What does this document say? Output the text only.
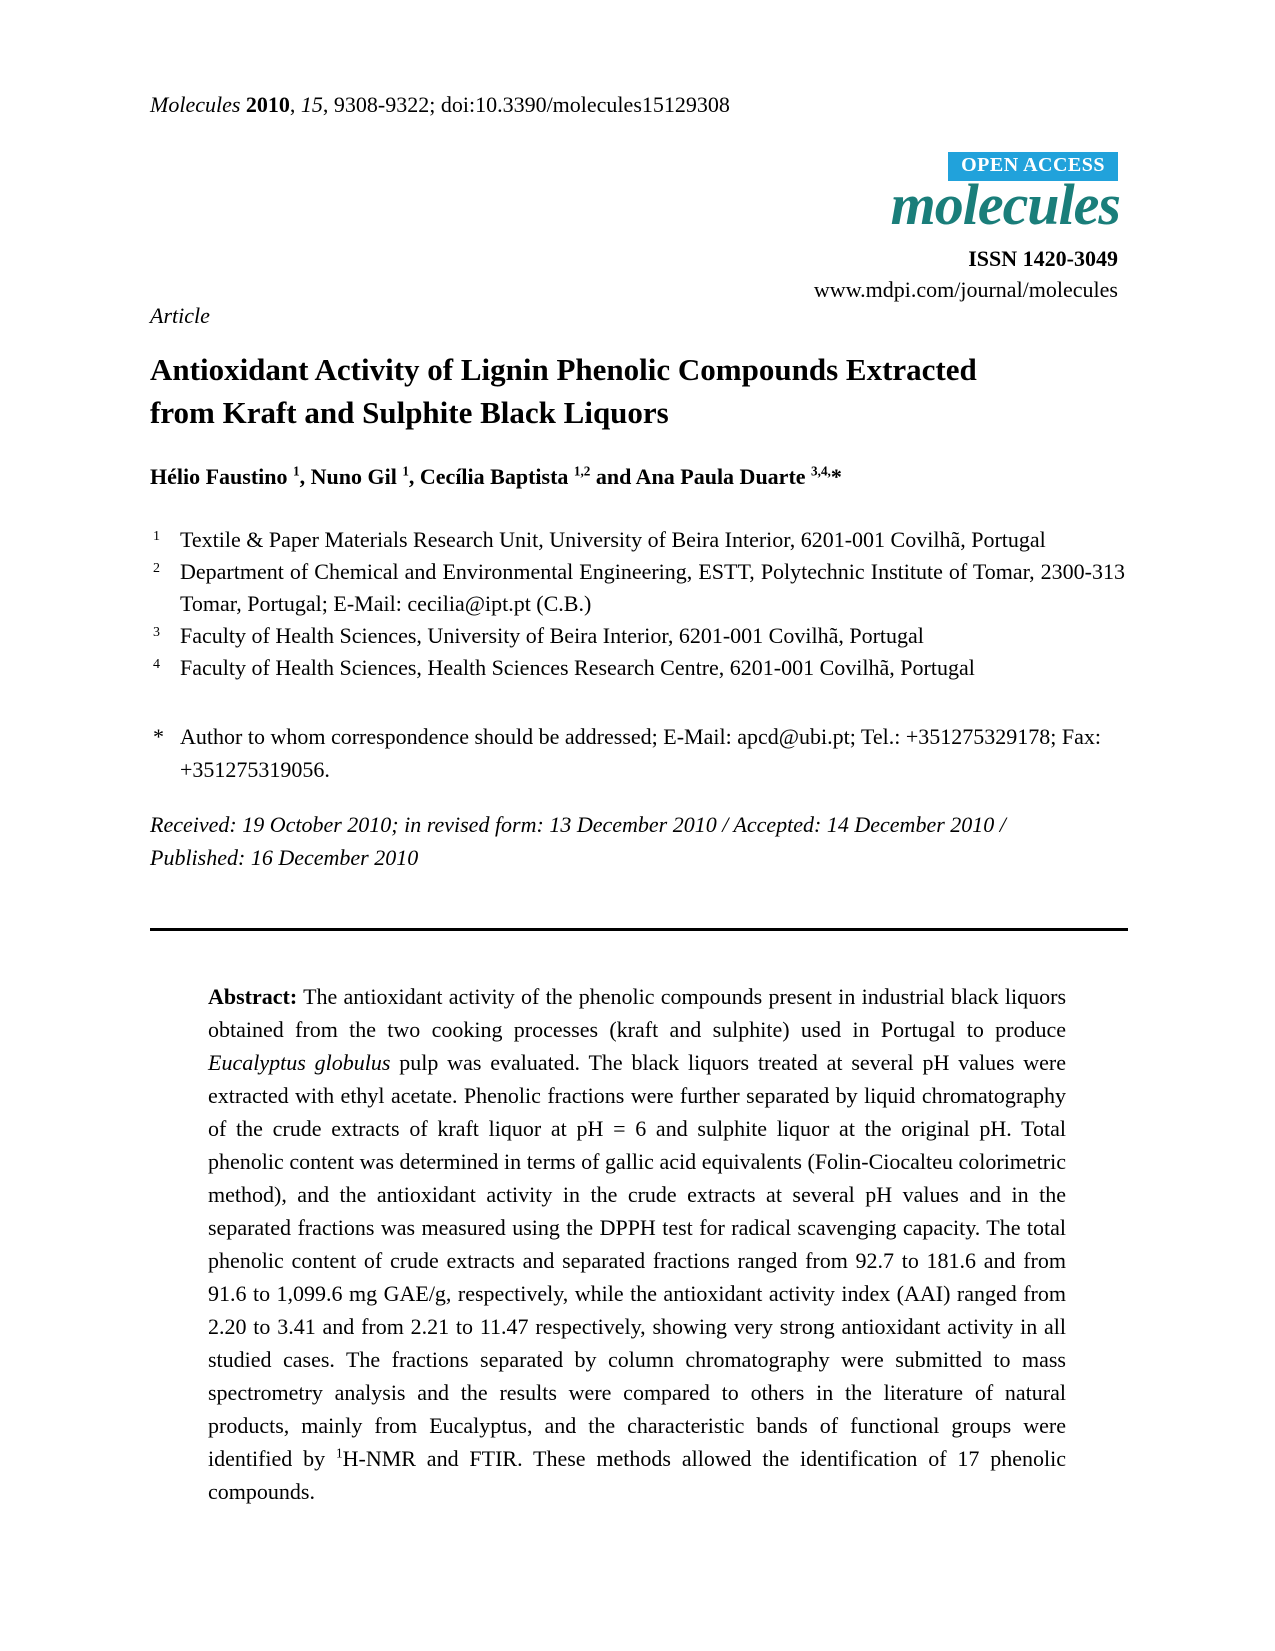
Molecules 2010, 15, 9308-9322; doi:10.3390/molecules15129308
OPEN ACCESS
molecules
ISSN 1420-3049
www.mdpi.com/journal/molecules
Article
Antioxidant Activity of Lignin Phenolic Compounds Extracted
from Kraft and Sulphite Black Liquors
Hélio Faustino $^1$, Nuno Gil $^1$, Cecília Baptista $^{1,2}$ and Ana Paula Duarte $^{3,4,}$*
1 Textile & Paper Materials Research Unit, University of Beira Interior, 6201-001 Covilhã, Portugal
2 Department of Chemical and Environmental Engineering, ESTT, Polytechnic Institute of Tomar, 2300-313 Tomar, Portugal; E-Mail: cecilia@ipt.pt (C.B.)
3 Faculty of Health Sciences, University of Beira Interior, 6201-001 Covilhã, Portugal
4 Faculty of Health Sciences, Health Sciences Research Centre, 6201-001 Covilhã, Portugal
* Author to whom correspondence should be addressed; E-Mail: apcd@ubi.pt; Tel.: +351275329178; Fax: +351275319056.
Received: 19 October 2010; in revised form: 13 December 2010 / Accepted: 14 December 2010 /
Published: 16 December 2010
Abstract: The antioxidant activity of the phenolic compounds present in industrial black liquors obtained from the two cooking processes (kraft and sulphite) used in Portugal to produce Eucalyptus globulus pulp was evaluated. The black liquors treated at several pH values were extracted with ethyl acetate. Phenolic fractions were further separated by liquid chromatography of the crude extracts of kraft liquor at pH = 6 and sulphite liquor at the original pH. Total phenolic content was determined in terms of gallic acid equivalents (Folin-Ciocalteu colorimetric method), and the antioxidant activity in the crude extracts at several pH values and in the separated fractions was measured using the DPPH test for radical scavenging capacity. The total phenolic content of crude extracts and separated fractions ranged from 92.7 to 181.6 and from 91.6 to 1,099.6 mg GAE/g, respectively, while the antioxidant activity index (AAI) ranged from 2.20 to 3.41 and from 2.21 to 11.47 respectively, showing very strong antioxidant activity in all studied cases. The fractions separated by column chromatography were submitted to mass spectrometry analysis and the results were compared to others in the literature of natural products, mainly from Eucalyptus, and the characteristic bands of functional groups were identified by $^1$H-NMR and FTIR. These methods allowed the identification of 17 phenolic compounds.
